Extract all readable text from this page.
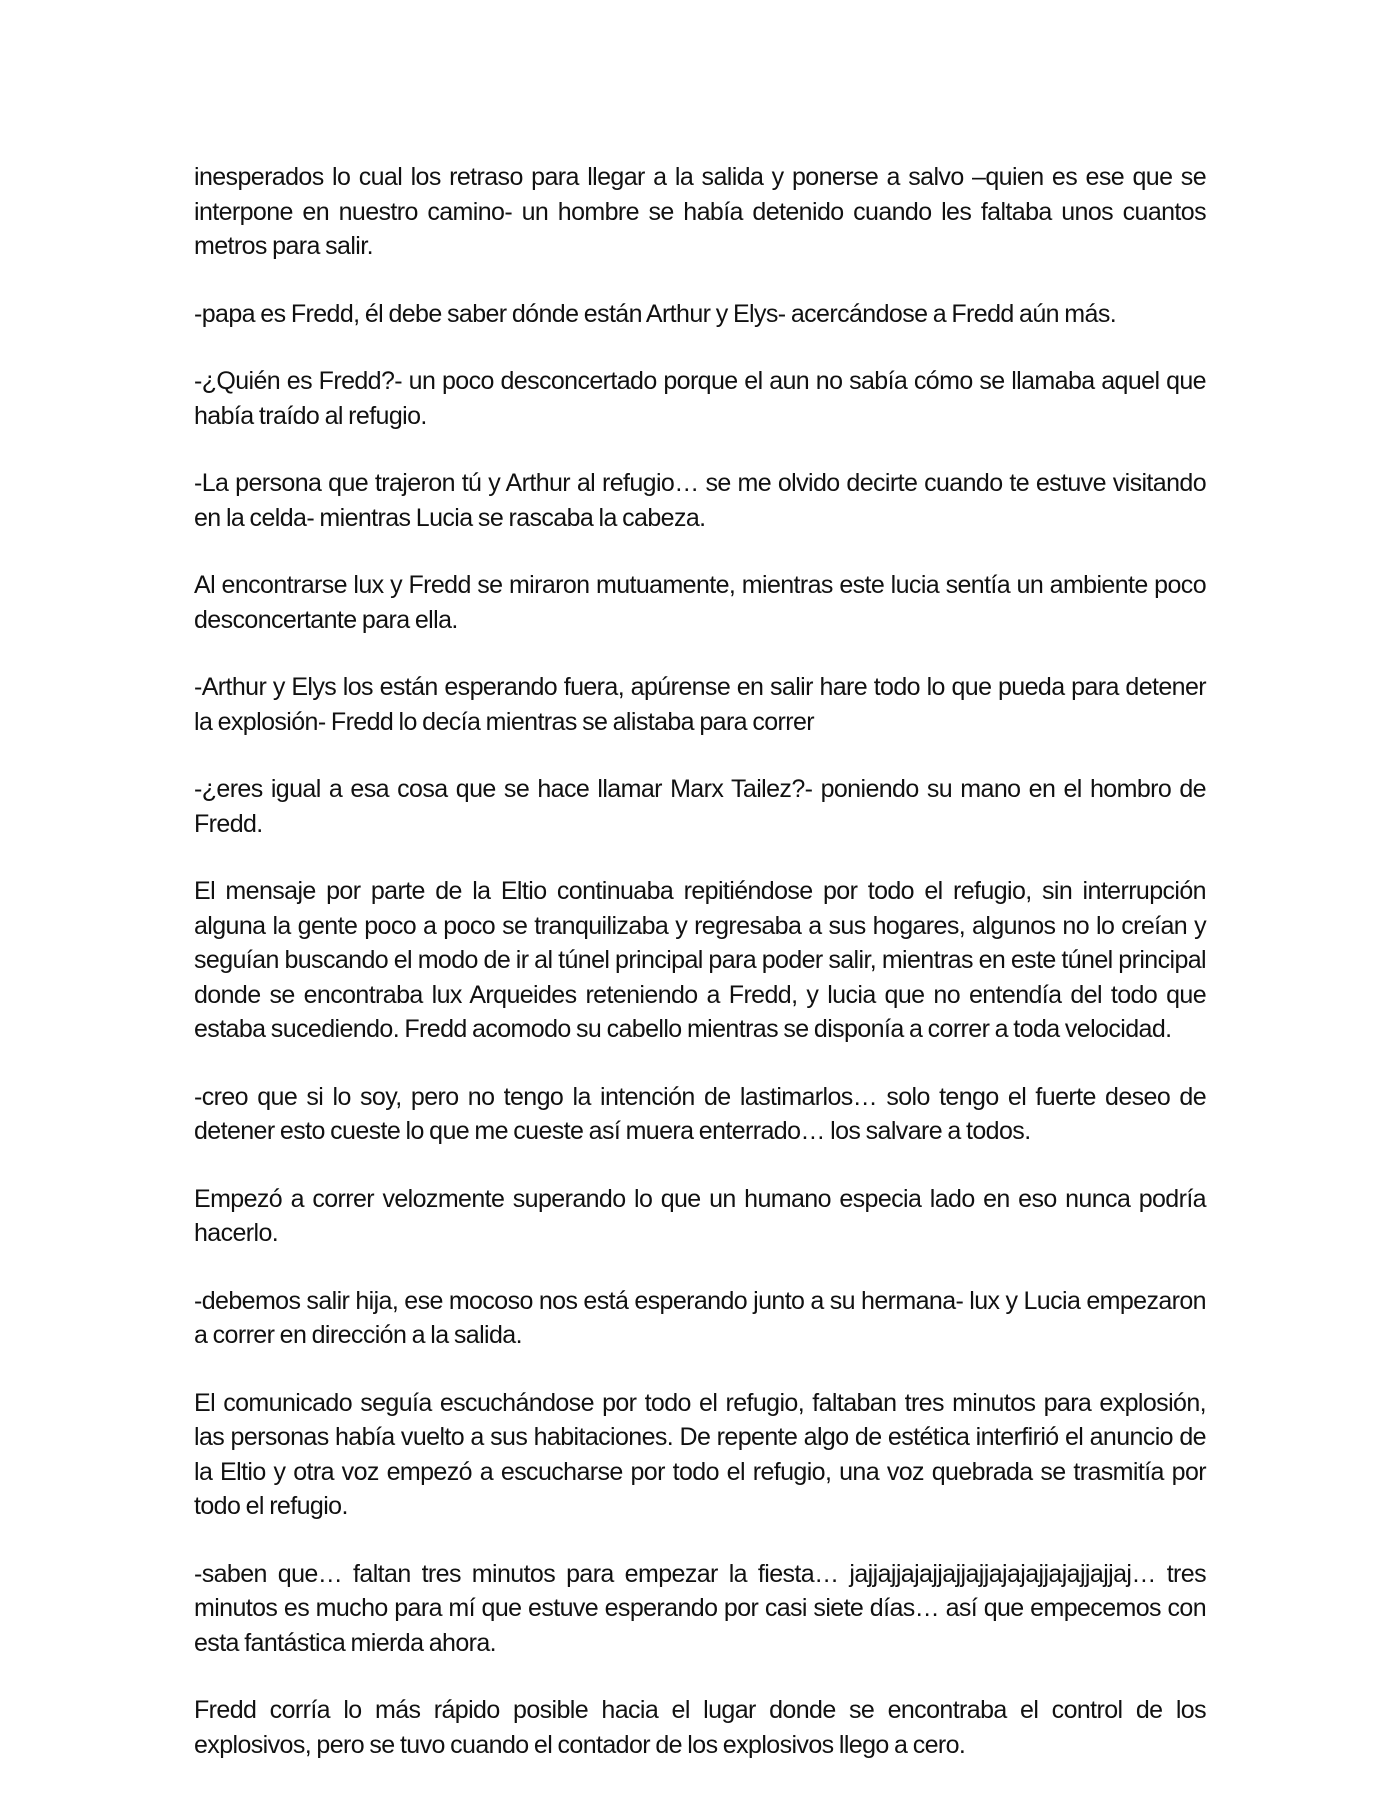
inesperados lo cual los retraso para llegar a la salida y ponerse a salvo –quien es ese que se interpone en nuestro camino- un hombre se había detenido cuando les faltaba unos cuantos metros para salir.

-papa es Fredd, él debe saber dónde están Arthur y Elys- acercándose a Fredd aún más.

-¿Quién es Fredd?- un poco desconcertado porque el aun no sabía cómo se llamaba aquel que había traído al refugio.

-La persona que trajeron tú y Arthur al refugio… se me olvido decirte cuando te estuve visitando en la celda- mientras Lucia se rascaba la cabeza.

Al encontrarse lux y Fredd se miraron mutuamente, mientras este lucia sentía un ambiente poco desconcertante para ella.

-Arthur y Elys los están esperando fuera, apúrense en salir hare todo lo que pueda para detener la explosión- Fredd lo decía mientras se alistaba para correr

-¿eres igual a esa cosa que se hace llamar Marx Tailez?- poniendo su mano en el hombro de Fredd.

El mensaje por parte de la Eltio continuaba repitiéndose por todo el refugio, sin interrupción alguna la gente poco a poco se tranquilizaba y regresaba a sus hogares, algunos no lo creían y seguían buscando el modo de ir al túnel principal para poder salir, mientras en este túnel principal donde se encontraba lux Arqueides reteniendo a Fredd, y lucia que no entendía del todo que estaba sucediendo. Fredd acomodo su cabello mientras se disponía a correr a toda velocidad.

-creo que si lo soy, pero no tengo la intención de lastimarlos… solo tengo el fuerte deseo de detener esto cueste lo que me cueste así muera enterrado… los salvare a todos.

Empezó a correr velozmente superando lo que un humano especia lado en eso nunca podría hacerlo.

-debemos salir hija, ese mocoso nos está esperando junto a su hermana- lux y Lucia empezaron a correr en dirección a la salida.

El comunicado seguía escuchándose por todo el refugio, faltaban tres minutos para explosión, las personas había vuelto a sus habitaciones. De repente algo de estética interfirió el anuncio de la Eltio y otra voz empezó a escucharse por todo el refugio, una voz quebrada se trasmitía por todo el refugio.

-saben que… faltan tres minutos para empezar la fiesta… jajjajjajajjajjajjajajajjajajjajjaj… tres minutos es mucho para mí que estuve esperando por casi siete días… así que empecemos con esta fantástica mierda ahora.

Fredd corría lo más rápido posible hacia el lugar donde se encontraba el control de los explosivos, pero se tuvo cuando el contador de los explosivos llego a cero.
